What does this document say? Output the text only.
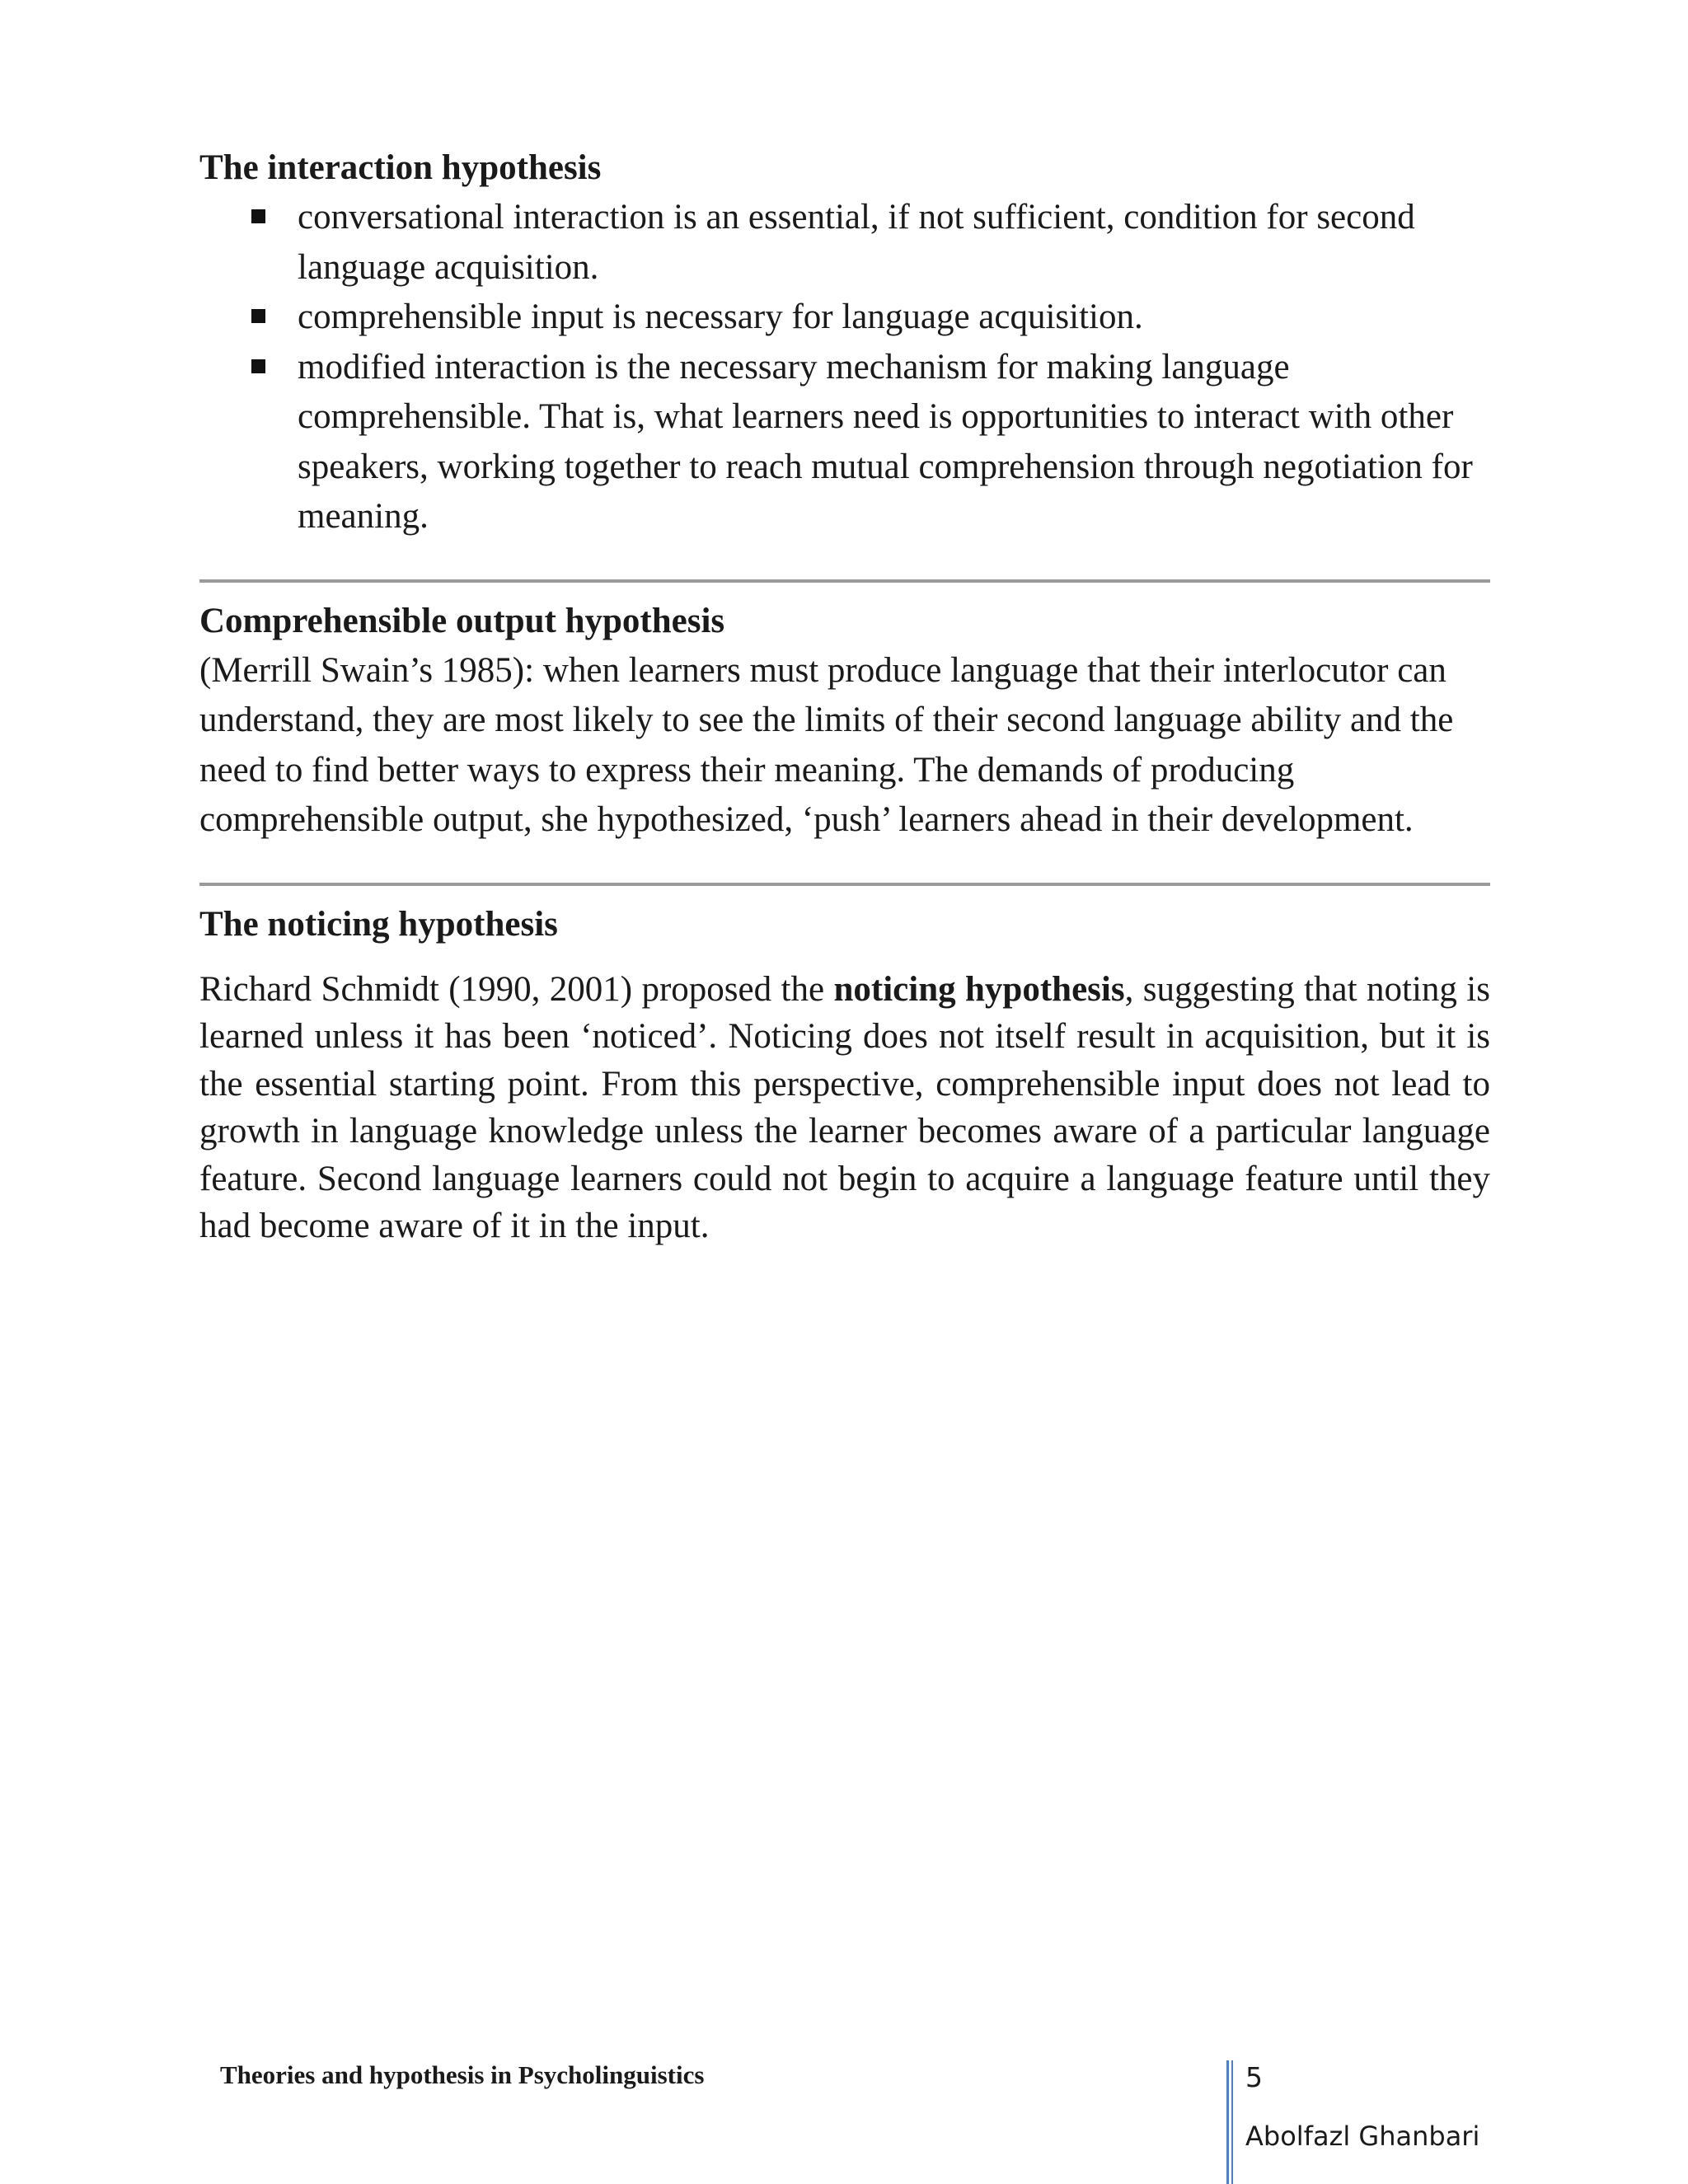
The interaction hypothesis
conversational interaction is an essential, if not sufficient, condition for second language acquisition.
comprehensible input is necessary for language acquisition.
modified interaction is the necessary mechanism for making language comprehensible. That is, what learners need is opportunities to interact with other speakers, working together to reach mutual comprehension through negotiation for meaning.
Comprehensible output hypothesis

(Merrill Swain’s 1985): when learners must produce language that their interlocutor can understand, they are most likely to see the limits of their second language ability and the need to find better ways to express their meaning. The demands of producing comprehensible output, she hypothesized, ‘push’ learners ahead in their development.

The noticing hypothesis

Richard Schmidt (1990, 2001) proposed the noticing hypothesis, suggesting that noting is learned unless it has been ‘noticed’. Noticing does not itself result in acquisition, but it is the essential starting point. From this perspective, comprehensible input does not lead to growth in language knowledge unless the learner becomes aware of a particular language feature. Second language learners could not begin to acquire a language feature until they had become aware of it in the input.

Theories and hypothesis in Psycholinguistics	5
Abolfazl Ghanbari
